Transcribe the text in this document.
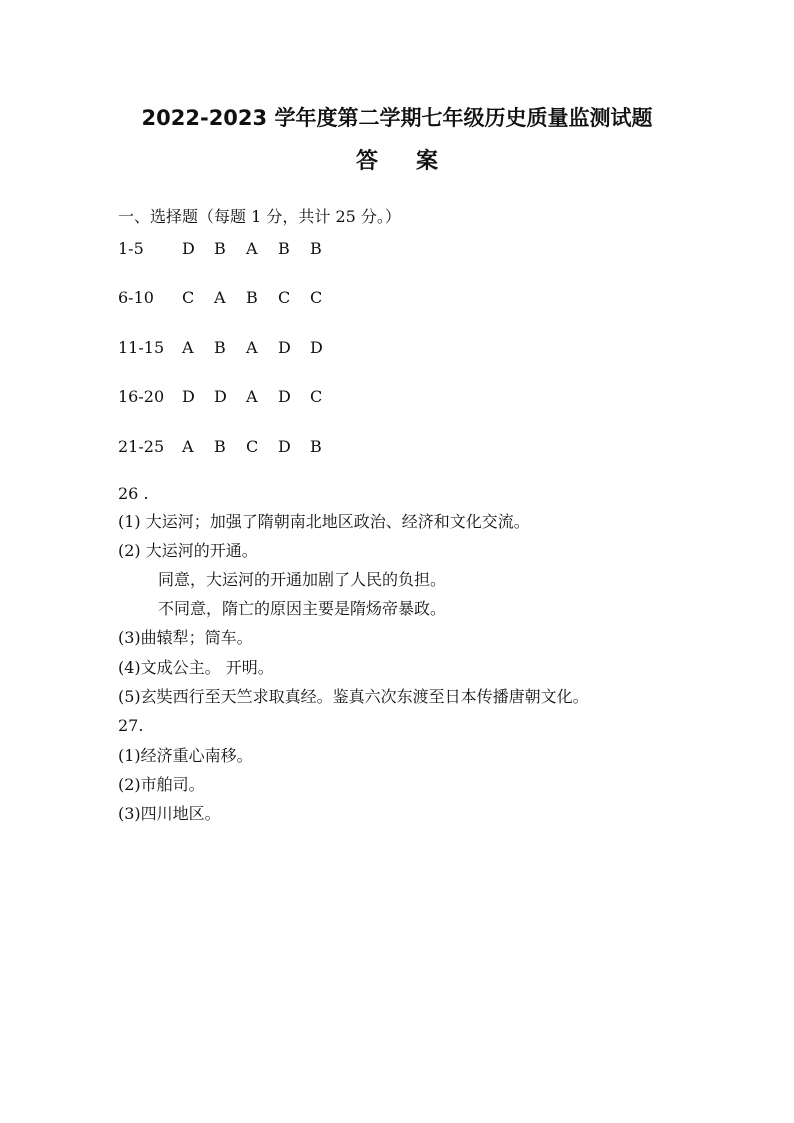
2022-2023 学年度第二学期七年级历史质量监测试题
答 案
一、选择题（每题 1 分，共计 25 分。）
1-5 D B A B B
6-10 C A B C C
11-15 A B A D D
16-20 D D A D C
21-25 A B C D B
26 .
(1) 大运河；加强了隋朝南北地区政治、经济和文化交流。
(2) 大运河的开通。
同意，大运河的开通加剧了人民的负担。
不同意，隋亡的原因主要是隋炀帝暴政。
(3)曲辕犁；筒车。
(4)文成公主。 开明。
(5)玄奘西行至天竺求取真经。鉴真六次东渡至日本传播唐朝文化。
27.
(1)经济重心南移。
(2)市舶司。
(3)四川地区。
